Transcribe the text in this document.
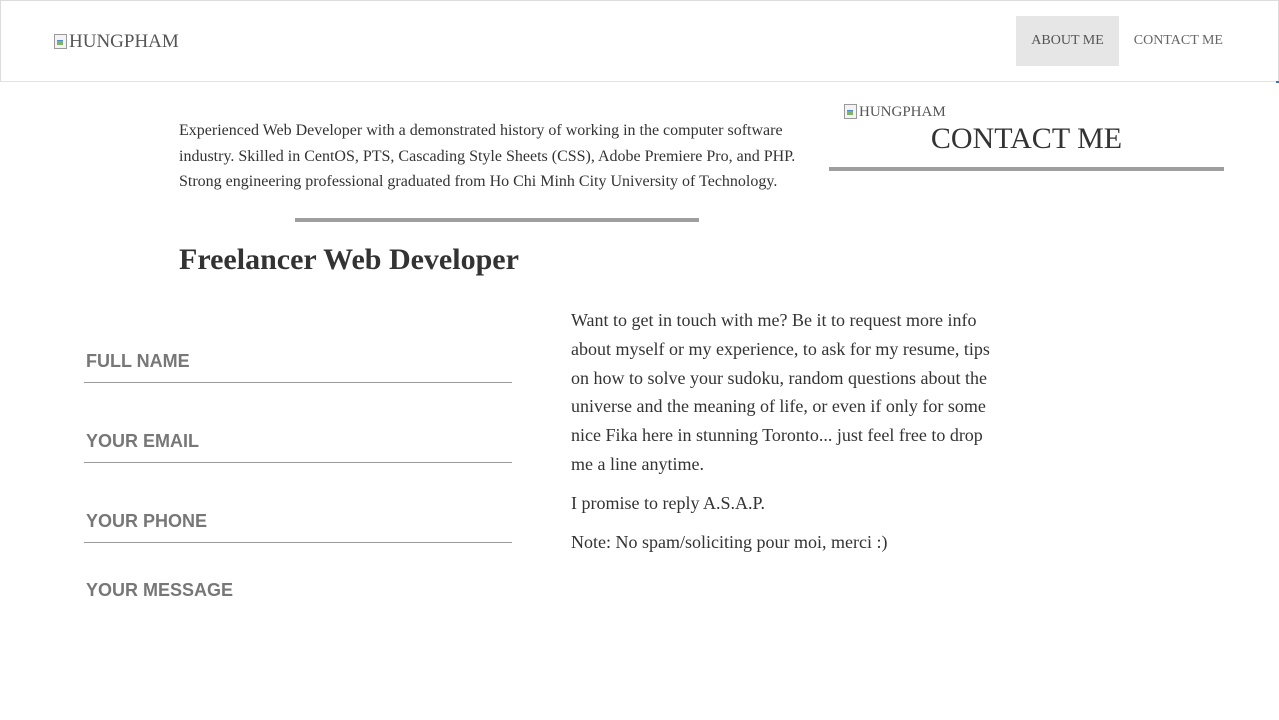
HUNGPHAM	ABOUT ME	CONTACT ME

Experienced Web Developer with a demonstrated history of working in the computer software industry. Skilled in CentOS, PTS, Cascading Style Sheets (CSS), Adobe Premiere Pro, and PHP. Strong engineering professional graduated from Ho Chi Minh City University of Technology.

Freelancer Web Developer
HUNGPHAM
CONTACT ME
FULL NAME
YOUR EMAIL
YOUR PHONE
YOUR MESSAGE

Want to get in touch with me? Be it to request more info about myself or my experience, to ask for my resume, tips on how to solve your sudoku, random questions about the universe and the meaning of life, or even if only for some nice Fika here in stunning Toronto... just feel free to drop me a line anytime.

I promise to reply A.S.A.P.

Note: No spam/soliciting pour moi, merci :)
